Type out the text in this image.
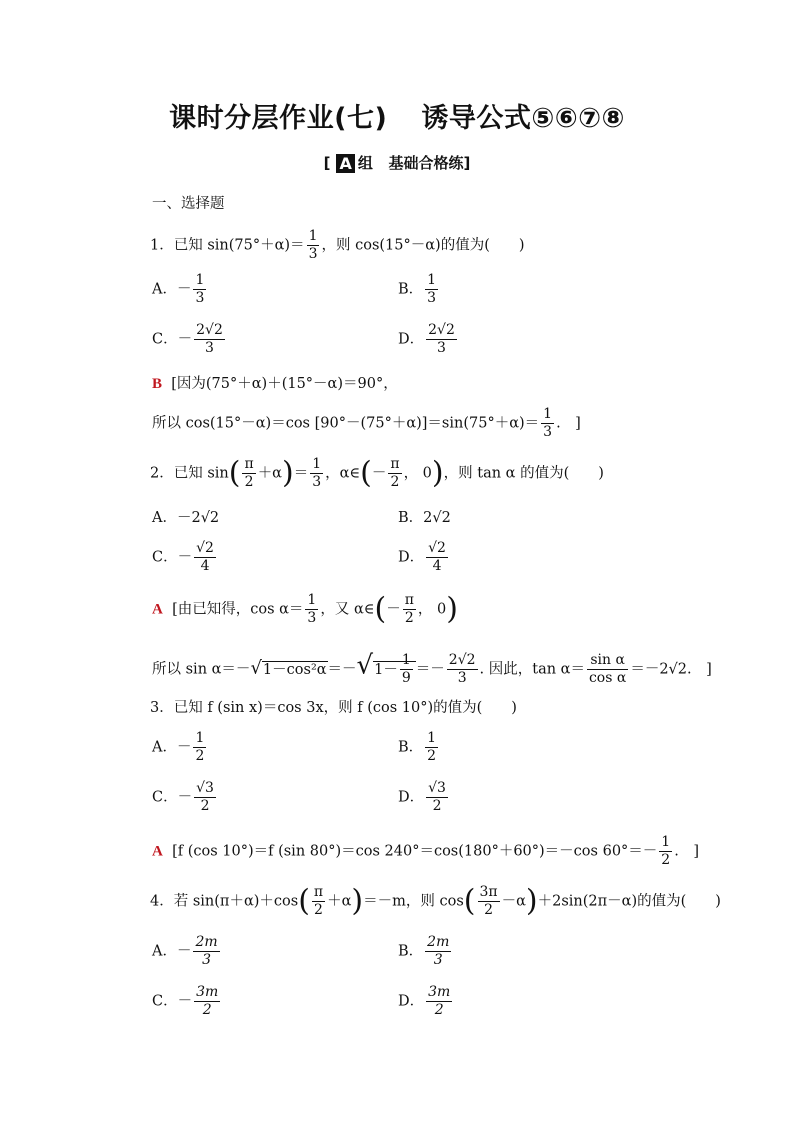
课时分层作业(七) 诱导公式⑤⑥⑦⑧
[ A 组 基础合格练]
一、选择题
1．已知 $\sin(75^\circ+\alpha)= \frac{1}{3}$ ，则 cos(15°－α)的值为(　　)
A．－ $\frac{1}{3}$	B． $\frac{1}{3}$
C．－ $\frac{2√2}{3}$	D． $\frac{2√2}{3}$
B [因为(75°＋α)＋(15°－α)＝90°，
所以 cos(15°－α)＝cos $[90^\circ-(75^\circ+\alpha)]=\sin(75^\circ+\alpha)= \frac{1}{3}$ .　]
2．已知 $\sin( \frac{\pi}{2} +\alpha)= \frac{1}{3}$ ，α∈(－ $\frac{\pi}{2}$ ， 0)，则 tan α 的值为(　　)
A．－2√2	B．2√2
C．－ $\frac{√2}{4}$	D． $\frac{√2}{4}$
A [由已知得，$\cos \alpha= \frac{1}{3}$ ，又 α∈(－ $\frac{\pi}{2}$ ， 0)
所以 $\sin \alpha=-√1-\cos^2\alpha=-√1- \frac{1}{9} =- \frac{2√2}{3}$ . 因此，$\tan \alpha= \frac{\text{sin α}}{\text{cos α}} =-2√2$.　]
3．已知 f (sin x)＝cos 3x，则 f (cos 10°)的值为(　　)
A．－ $\frac{1}{2}$	B． $\frac{1}{2}$
C．－ $\frac{√3}{2}$	D． $\frac{√3}{2}$
A [f (cos 10°)＝f (sin 80°)＝cos 240°＝cos(180°＋60°)＝－cos $60^\circ=- \frac{1}{2}$ .　]
4．若 $\sin(\pi+\alpha)+\cos( \frac{\pi}{2} +\alpha)=-m$，则 $\cos( \frac{3\pi}{2} -\alpha)+2\sin(2\pi-\alpha)$的值为(　　)
A．－ $\frac{2m}{3}$	B． $\frac{2m}{3}$
C．－ $\frac{3m}{2}$	D． $\frac{3m}{2}$
